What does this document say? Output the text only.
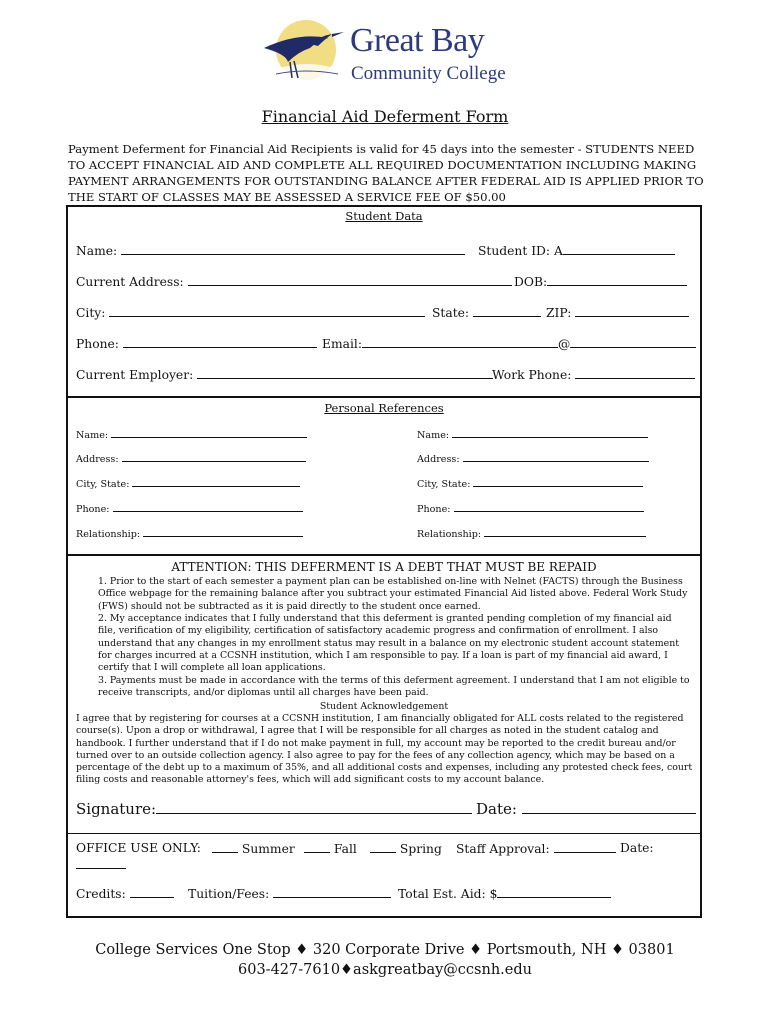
Great Bay
Community College
Financial Aid Deferment Form
Payment Deferment for Financial Aid Recipients is valid for 45 days into the semester - STUDENTS NEED TO ACCEPT FINANCIAL AID AND COMPLETE ALL REQUIRED DOCUMENTATION INCLUDING MAKING PAYMENT ARRANGEMENTS FOR OUTSTANDING BALANCE AFTER FEDERAL AID IS APPLIED PRIOR TO THE START OF CLASSES MAY BE ASSESSED A SERVICE FEE OF $50.00
Student Data
Name:	Student ID: A
Current Address:	DOB:
City:	State:	ZIP:
Phone:	Email:	@
Current Employer:	Work Phone:
Personal References
Name:
Address:
City, State:
Phone:
Relationship:
Name:
Address:
City, State:
Phone:
Relationship:
ATTENTION: THIS DEFERMENT IS A DEBT THAT MUST BE REPAID
1. Prior to the start of each semester a payment plan can be established on-line with Nelnet (FACTS) through the Business Office webpage for the remaining balance after you subtract your estimated Financial Aid listed above. Federal Work Study (FWS) should not be subtracted as it is paid directly to the student once earned.
2. My acceptance indicates that I fully understand that this deferment is granted pending completion of my financial aid file, verification of my eligibility, certification of satisfactory academic progress and confirmation of enrollment. I also understand that any changes in my enrollment status may result in a balance on my electronic student account statement for charges incurred at a CCSNH institution, which I am responsible to pay. If a loan is part of my financial aid award, I certify that I will complete all loan applications.
3. Payments must be made in accordance with the terms of this deferment agreement. I understand that I am not eligible to receive transcripts, and/or diplomas until all charges have been paid.
Student Acknowledgement
I agree that by registering for courses at a CCSNH institution, I am financially obligated for ALL costs related to the registered course(s). Upon a drop or withdrawal, I agree that I will be responsible for all charges as noted in the student catalog and handbook. I further understand that if I do not make payment in full, my account may be reported to the credit bureau and/or turned over to an outside collection agency. I also agree to pay for the fees of any collection agency, which may be based on a percentage of the debt up to a maximum of 35%, and all additional costs and expenses, including any protested check fees, court filing costs and reasonable attorney's fees, which will add significant costs to my account balance.
Signature:	Date:
OFFICE USE ONLY:	Summer	Fall	Spring Staff Approval:	Date:
Credits:	Tuition/Fees:	Total Est. Aid: $
College Services One Stop ♦ 320 Corporate Drive ♦ Portsmouth, NH ♦ 03801
603-427-7610♦askgreatbay@ccsnh.edu
